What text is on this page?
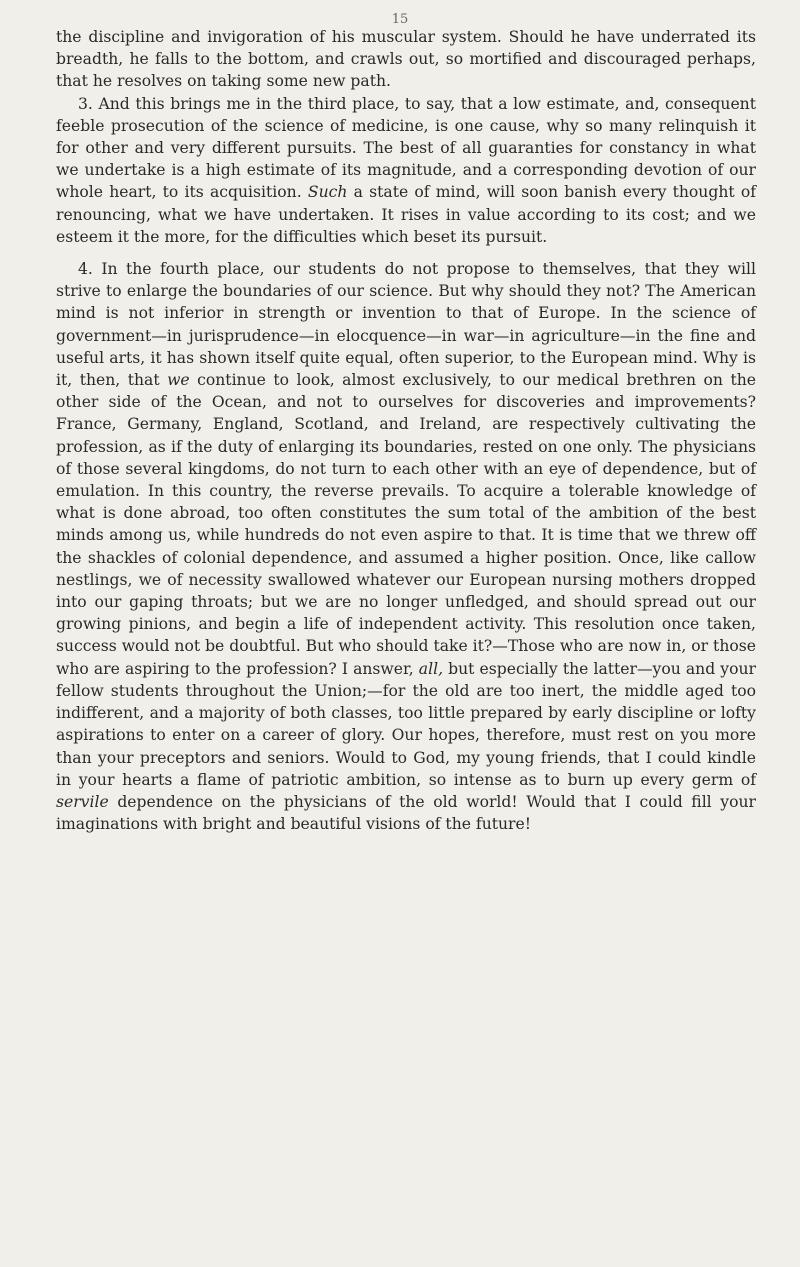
15

the discipline and invigoration of his muscular system. Should he have underrated its breadth, he falls to the bottom, and crawls out, so mortified and discouraged perhaps, that he resolves on taking some new path.

3. And this brings me in the third place, to say, that a low estimate, and, consequent feeble prosecution of the science of medicine, is one cause, why so many relinquish it for other and very different pursuits. The best of all guaranties for constancy in what we undertake is a high estimate of its magnitude, and a corresponding devotion of our whole heart, to its acquisition. Such a state of mind, will soon banish every thought of renouncing, what we have undertaken. It rises in value according to its cost; and we esteem it the more, for the difficulties which beset its pursuit.

4. In the fourth place, our students do not propose to themselves, that they will strive to enlarge the boundaries of our science. But why should they not? The American mind is not inferior in strength or invention to that of Europe. In the science of government—in jurisprudence—in elocquence—in war—in agriculture—in the fine and useful arts, it has shown itself quite equal, often superior, to the European mind. Why is it, then, that we continue to look, almost exclusively, to our medical brethren on the other side of the Ocean, and not to ourselves for discoveries and improvements? France, Germany, England, Scotland, and Ireland, are respectively cultivating the profession, as if the duty of enlarging its boundaries, rested on one only. The physicians of those several kingdoms, do not turn to each other with an eye of dependence, but of emulation. In this country, the reverse prevails. To acquire a tolerable knowledge of what is done abroad, too often constitutes the sum total of the ambition of the best minds among us, while hundreds do not even aspire to that. It is time that we threw off the shackles of colonial dependence, and assumed a higher position. Once, like callow nestlings, we of necessity swallowed whatever our European nursing mothers dropped into our gaping throats; but we are no longer unfledged, and should spread out our growing pinions, and begin a life of independent activity. This resolution once taken, success would not be doubtful. But who should take it?—Those who are now in, or those who are aspiring to the profession? I answer, all, but especially the latter—you and your fellow students throughout the Union;—for the old are too inert, the middle aged too indifferent, and a majority of both classes, too little prepared by early discipline or lofty aspirations to enter on a career of glory. Our hopes, therefore, must rest on you more than your preceptors and seniors. Would to God, my young friends, that I could kindle in your hearts a flame of patriotic ambition, so intense as to burn up every germ of servile dependence on the physicians of the old world! Would that I could fill your imaginations with bright and beautiful visions of the future!
